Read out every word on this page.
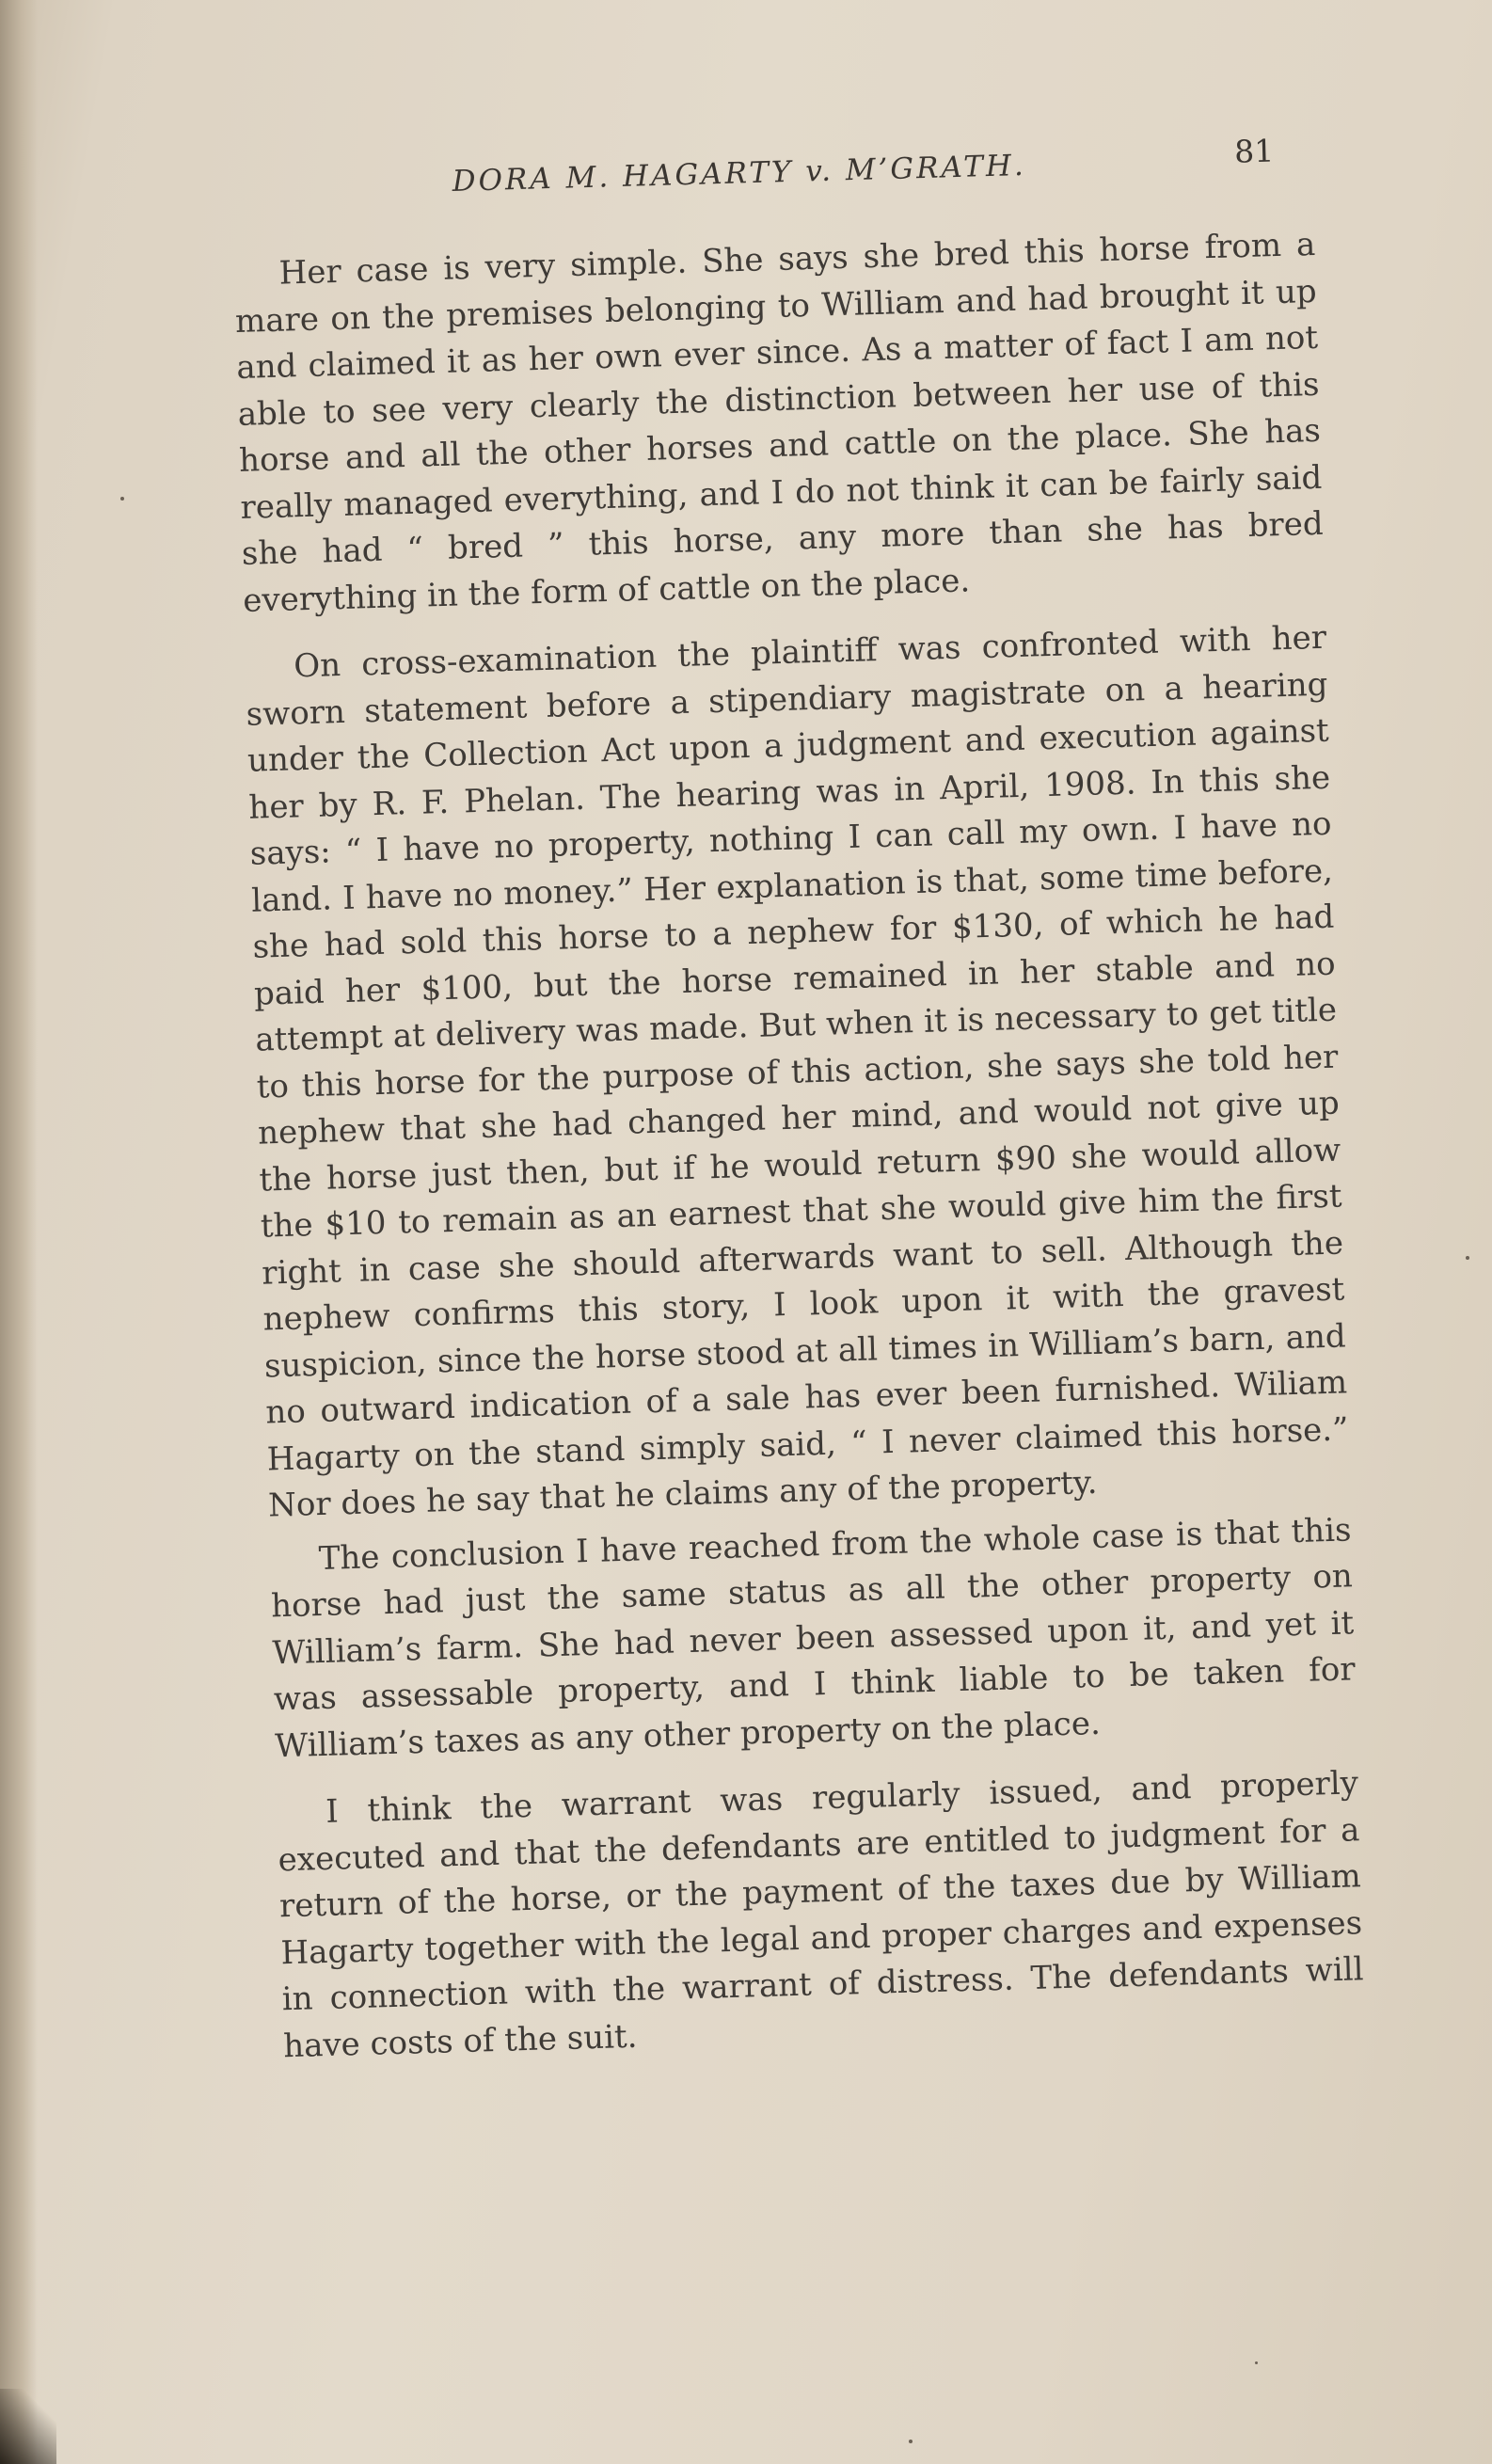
DORA M. HAGARTY v. M’GRATH.	81

Her case is very simple. She says she bred this horse from a mare on the premises belonging to William and had brought it up and claimed it as her own ever since. As a matter of fact I am not able to see very clearly the distinction between her use of this horse and all the other horses and cattle on the place. She has really managed everything, and I do not think it can be fairly said she had “ bred ” this horse, any more than she has bred everything in the form of cattle on the place.

On cross-examination the plaintiff was confronted with her sworn statement before a stipendiary magistrate on a hearing under the Collection Act upon a judgment and execution against her by R. F. Phelan. The hearing was in April, 1908. In this she says: “ I have no property, nothing I can call my own. I have no land. I have no money.” Her explanation is that, some time before, she had sold this horse to a nephew for $130, of which he had paid her $100, but the horse remained in her stable and no attempt at delivery was made. But when it is necessary to get title to this horse for the purpose of this action, she says she told her nephew that she had changed her mind, and would not give up the horse just then, but if he would return $90 she would allow the $10 to remain as an earnest that she would give him the first right in case she should afterwards want to sell. Although the nephew confirms this story, I look upon it with the gravest suspicion, since the horse stood at all times in William’s barn, and no outward indication of a sale has ever been furnished. Wiliam Hagarty on the stand simply said, “ I never claimed this horse.” Nor does he say that he claims any of the property.

The conclusion I have reached from the whole case is that this horse had just the same status as all the other property on William’s farm. She had never been assessed upon it, and yet it was assessable property, and I think liable to be taken for William’s taxes as any other property on the place.

I think the warrant was regularly issued, and properly executed and that the defendants are entitled to judgment for a return of the horse, or the payment of the taxes due by William Hagarty together with the legal and proper charges and expenses in connection with the warrant of distress. The defendants will have costs of the suit.
